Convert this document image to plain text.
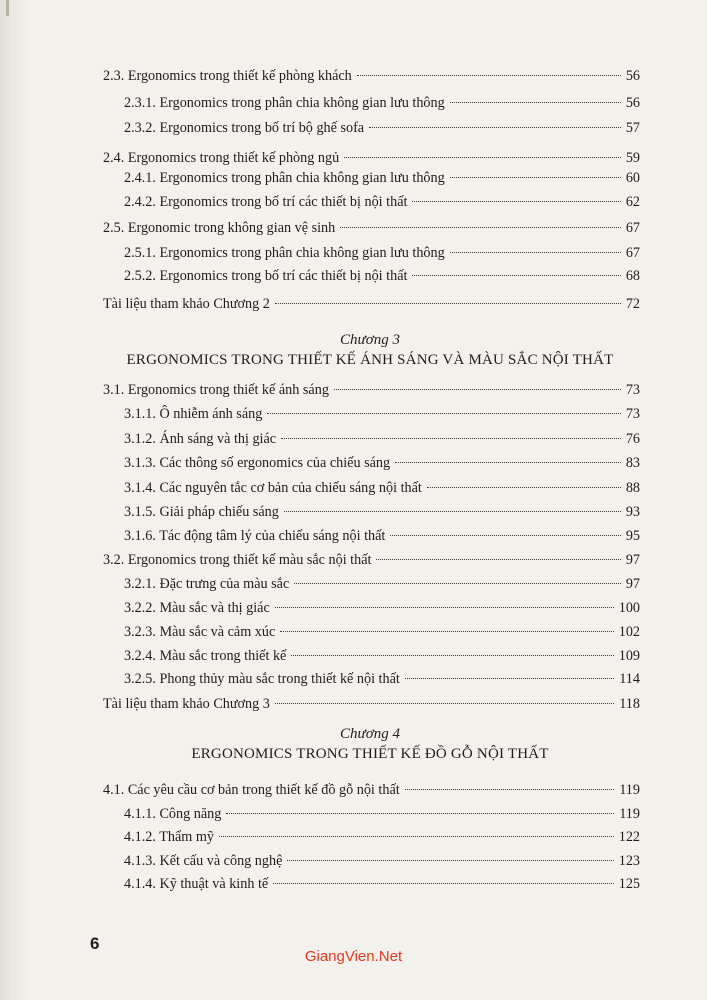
Chương 3
ERGONOMICS TRONG THIẾT KẾ ÁNH SÁNG VÀ MÀU SẮC NỘI THẤT
Chương 4
ERGONOMICS TRONG THIẾT KẾ ĐỒ GỖ NỘI THẤT
2.3. Ergonomics trong thiết kế phòng khách	56
2.3.1. Ergonomics trong phân chia không gian lưu thông	56
2.3.2. Ergonomics trong bố trí bộ ghế sofa	57
2.4. Ergonomics trong thiết kế phòng ngủ	59
2.4.1. Ergonomics trong phân chia không gian lưu thông	60
2.4.2. Ergonomics trong bố trí các thiết bị nội thất	62
2.5. Ergonomic trong không gian vệ sinh	67
2.5.1. Ergonomics trong phân chia không gian lưu thông	67
2.5.2. Ergonomics trong bố trí các thiết bị nội thất	68
Tài liệu tham khảo Chương 2	72
3.1. Ergonomics trong thiết kế ánh sáng	73
3.1.1. Ô nhiễm ánh sáng	73
3.1.2. Ánh sáng và thị giác	76
3.1.3. Các thông số ergonomics của chiếu sáng	83
3.1.4. Các nguyên tắc cơ bản của chiếu sáng nội thất	88
3.1.5. Giải pháp chiếu sáng	93
3.1.6. Tác động tâm lý của chiếu sáng nội thất	95
3.2. Ergonomics trong thiết kế màu sắc nội thất	97
3.2.1. Đặc trưng của màu sắc	97
3.2.2. Màu sắc và thị giác	100
3.2.3. Màu sắc và cảm xúc	102
3.2.4. Màu sắc trong thiết kế	109
3.2.5. Phong thủy màu sắc trong thiết kế nội thất	114
Tài liệu tham khảo Chương 3	118
4.1. Các yêu cầu cơ bản trong thiết kế đồ gỗ nội thất	119
4.1.1. Công năng	119
4.1.2. Thẩm mỹ	122
4.1.3. Kết cấu và công nghệ	123
4.1.4. Kỹ thuật và kinh tế	125
6
GiangVien.Net
